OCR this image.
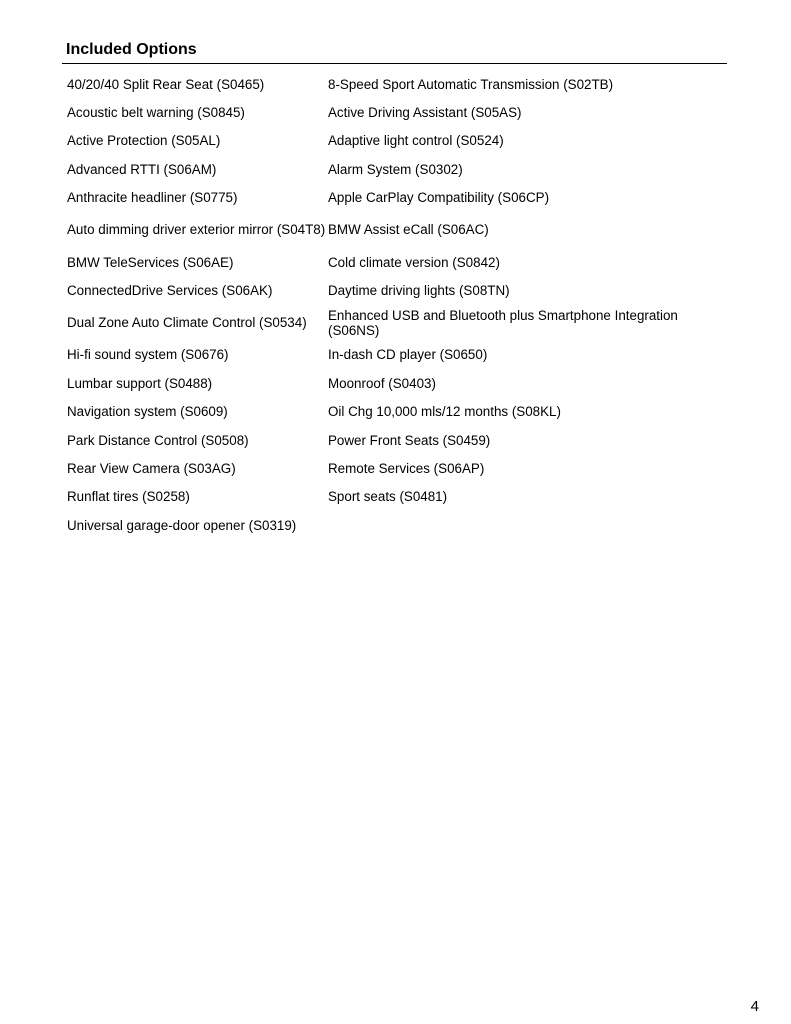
Included Options
40/20/40 Split Rear Seat (S0465)	8-Speed Sport Automatic Transmission (S02TB)
Acoustic belt warning (S0845)	Active Driving Assistant (S05AS)
Active Protection (S05AL)	Adaptive light control (S0524)
Advanced RTTI (S06AM)	Alarm System (S0302)
Anthracite headliner (S0775)	Apple CarPlay Compatibility (S06CP)
Auto dimming driver exterior mirror (S04T8) BMW Assist eCall (S06AC)
BMW TeleServices (S06AE)	Cold climate version (S0842)
ConnectedDrive Services (S06AK)	Daytime driving lights (S08TN)
Dual Zone Auto Climate Control (S0534)	Enhanced USB and Bluetooth plus Smartphone Integration (S06NS)
Hi-fi sound system (S0676)	In-dash CD player (S0650)
Lumbar support (S0488)	Moonroof (S0403)
Navigation system (S0609)	Oil Chg 10,000 mls/12 months (S08KL)
Park Distance Control (S0508)	Power Front Seats (S0459)
Rear View Camera (S03AG)	Remote Services (S06AP)
Runflat tires (S0258)	Sport seats (S0481)
Universal garage-door opener (S0319)
4
